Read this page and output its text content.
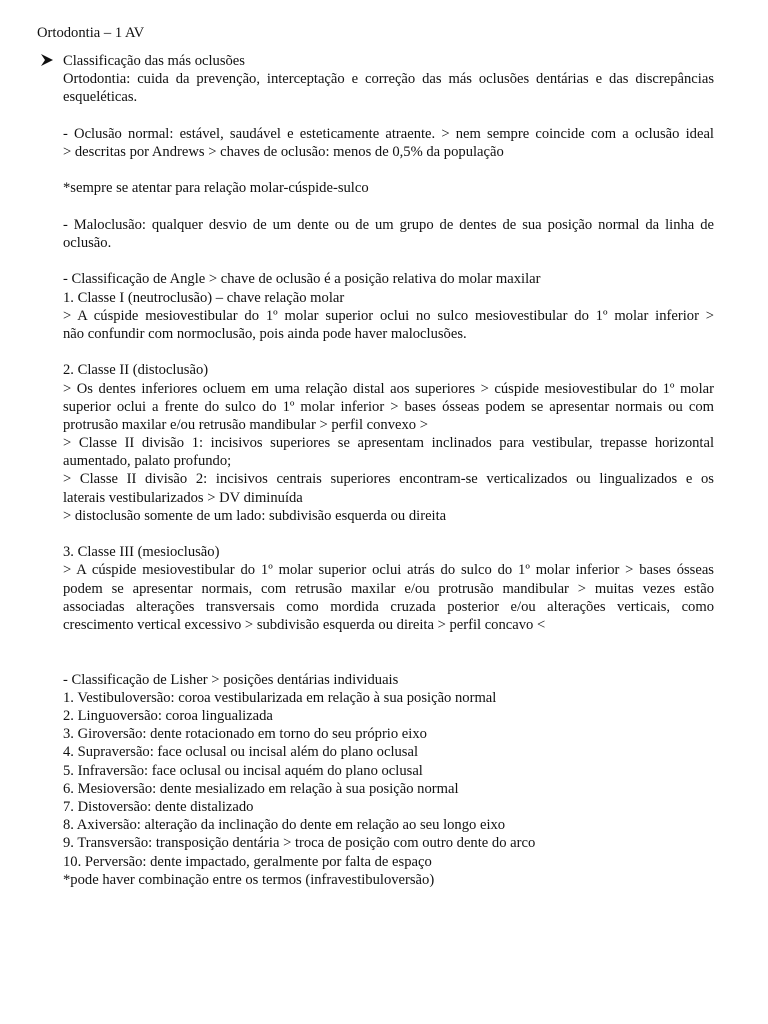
Ortodontia – 1 AV
Classificação das más oclusões
Ortodontia: cuida da prevenção, interceptação e correção das más oclusões dentárias e das discrepâncias
esqueléticas.
- Oclusão normal: estável, saudável e esteticamente atraente. > nem sempre coincide com a oclusão ideal
> descritas por Andrews > chaves de oclusão: menos de 0,5% da população
*sempre se atentar para relação molar-cúspide-sulco
- Maloclusão: qualquer desvio de um dente ou de um grupo de dentes de sua posição normal da linha de
oclusão.
- Classificação de Angle > chave de oclusão é a posição relativa do molar maxilar
1. Classe I (neutroclusão) – chave relação molar
> A cúspide mesiovestibular do 1º molar superior oclui no sulco mesiovestibular do 1º molar inferior >
não confundir com normoclusão, pois ainda pode haver maloclusões.
2. Classe II (distoclusão)
> Os dentes inferiores ocluem em uma relação distal aos superiores > cúspide mesiovestibular do 1º molar
superior oclui a frente do sulco do 1º molar inferior > bases ósseas podem se apresentar normais ou com
protrusão maxilar e/ou retrusão mandibular > perfil convexo >
> Classe II divisão 1: incisivos superiores se apresentam inclinados para vestibular, trepasse horizontal
aumentado, palato profundo;
> Classe II divisão 2: incisivos centrais superiores encontram-se verticalizados ou lingualizados e os
laterais vestibularizados > DV diminuída
> distoclusão somente de um lado: subdivisão esquerda ou direita
3. Classe III (mesioclusão)
> A cúspide mesiovestibular do 1º molar superior oclui atrás do sulco do 1º molar inferior > bases ósseas
podem se apresentar normais, com retrusão maxilar e/ou protrusão mandibular > muitas vezes estão
associadas alterações transversais como mordida cruzada posterior e/ou alterações verticais, como
crescimento vertical excessivo > subdivisão esquerda ou direita > perfil concavo <
- Classificação de Lisher > posições dentárias individuais
1. Vestibuloversão: coroa vestibularizada em relação à sua posição normal
2. Linguoversão: coroa lingualizada
3. Giroversão: dente rotacionado em torno do seu próprio eixo
4. Supraversão: face oclusal ou incisal além do plano oclusal
5. Infraversão: face oclusal ou incisal aquém do plano oclusal
6. Mesioversão: dente mesializado em relação à sua posição normal
7. Distoversão: dente distalizado
8. Axiversão: alteração da inclinação do dente em relação ao seu longo eixo
9. Transversão: transposição dentária > troca de posição com outro dente do arco
10. Perversão: dente impactado, geralmente por falta de espaço
*pode haver combinação entre os termos (infravestibuloversão)
